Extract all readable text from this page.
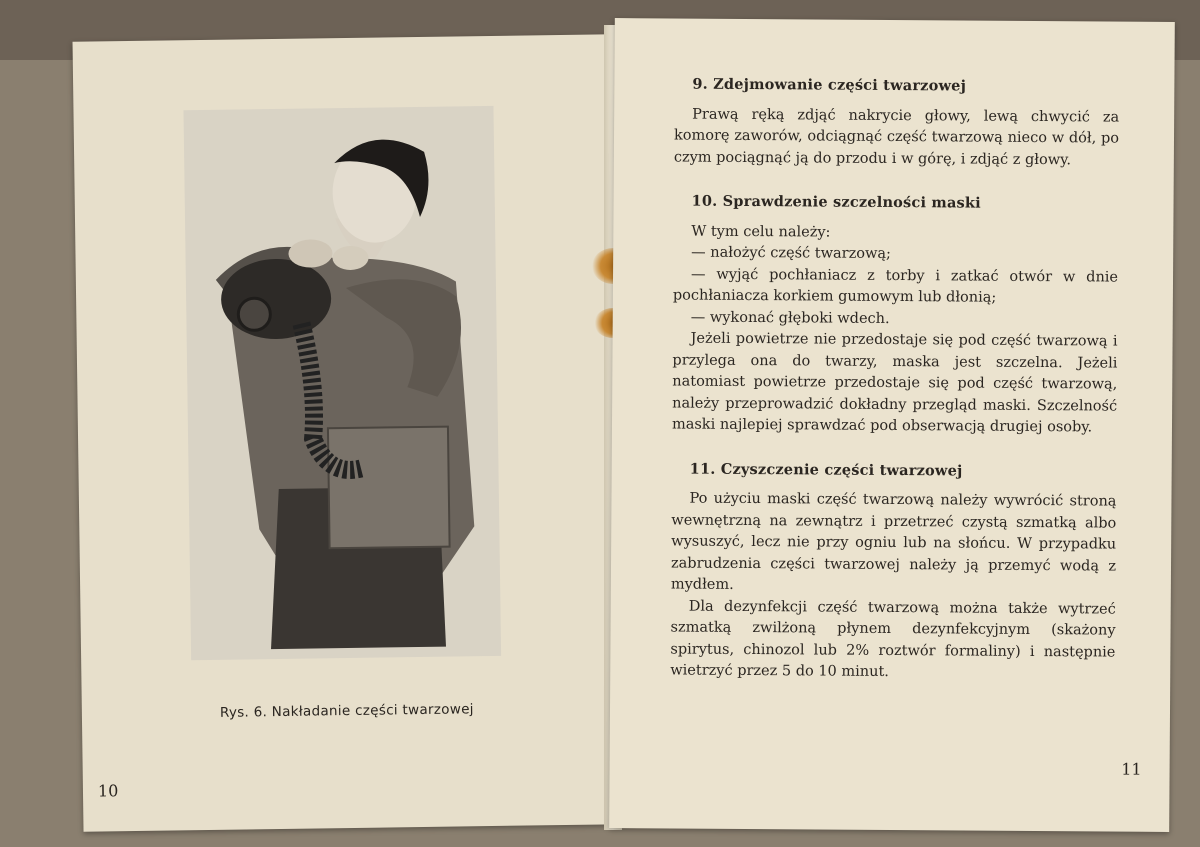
Rys. 6. Nakładanie części twarzowej
10
9. Zdejmowanie części twarzowej

Prawą ręką zdjąć nakrycie głowy, lewą chwycić za komorę zaworów, odciągnąć część twarzową nieco w dół, po czym pociągnąć ją do przodu i w górę, i zdjąć z głowy.

10. Sprawdzenie szczelności maski

W tym celu należy:

— nałożyć część twarzową;

— wyjąć pochłaniacz z torby i zatkać otwór w dnie pochłaniacza korkiem gumowym lub dłonią;

— wykonać głęboki wdech.

Jeżeli powietrze nie przedostaje się pod część twarzową i przylega ona do twarzy, maska jest szczelna. Jeżeli natomiast powietrze przedostaje się pod część twarzową, należy przeprowadzić dokładny przegląd maski. Szczelność maski najlepiej sprawdzać pod obserwacją drugiej osoby.

11. Czyszczenie części twarzowej

Po użyciu maski część twarzową należy wywrócić stroną wewnętrzną na zewnątrz i przetrzeć czystą szmatką albo wysuszyć, lecz nie przy ogniu lub na słońcu. W przypadku zabrudzenia części twarzowej należy ją przemyć wodą z mydłem.

Dla dezynfekcji część twarzową można także wytrzeć szmatką zwilżoną płynem dezynfekcyjnym (skażony spirytus, chinozol lub 2% roztwór formaliny) i następnie wietrzyć przez 5 do 10 minut.

11
